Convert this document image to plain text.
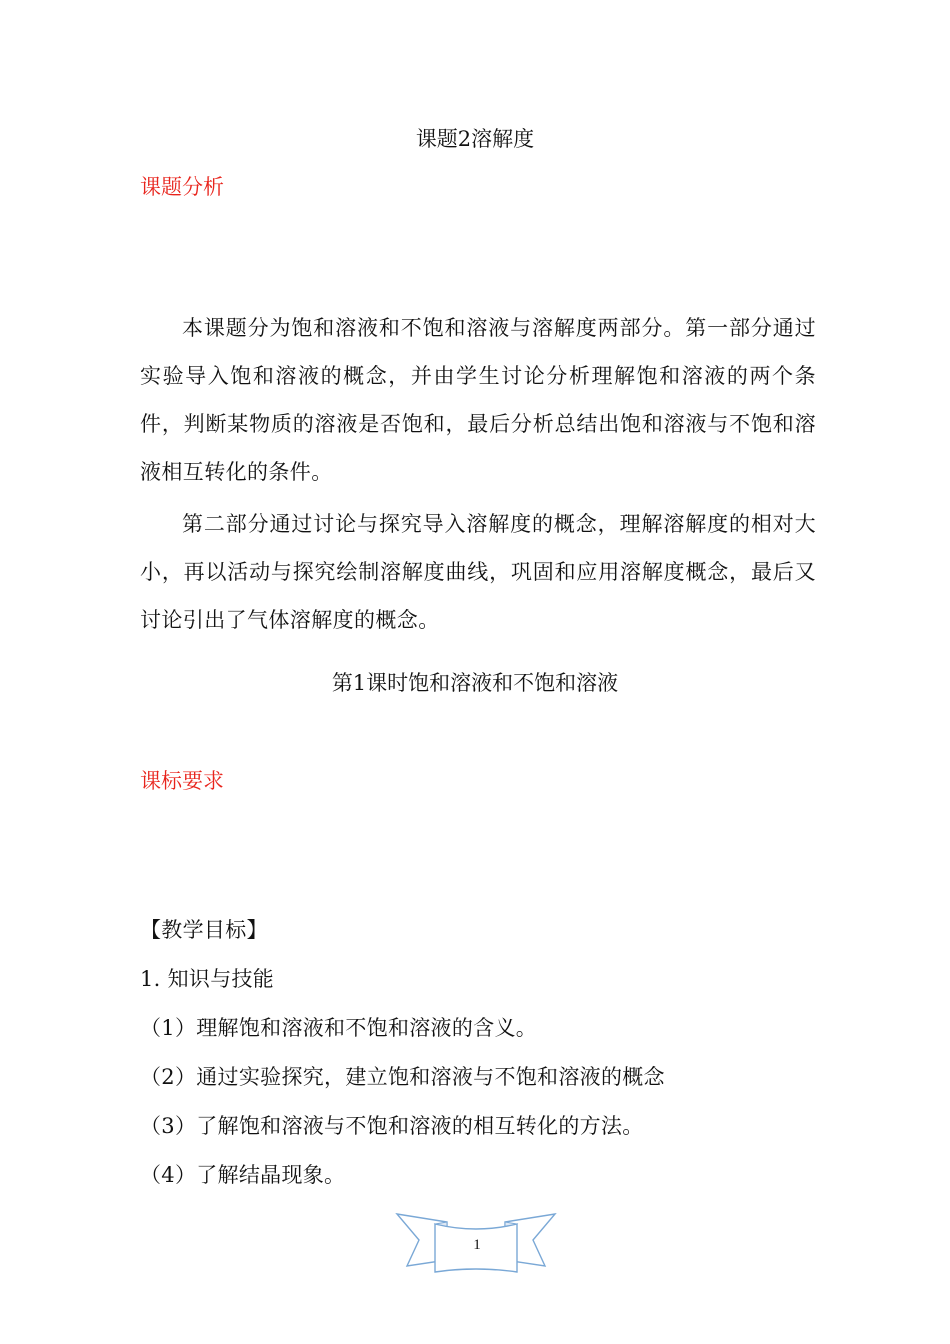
课题2溶解度
课题分析
本课题分为饱和溶液和不饱和溶液与溶解度两部分。第一部分通过实验导入饱和溶液的概念，并由学生讨论分析理解饱和溶液的两个条件，判断某物质的溶液是否饱和，最后分析总结出饱和溶液与不饱和溶液相互转化的条件。
第二部分通过讨论与探究导入溶解度的概念，理解溶解度的相对大小，再以活动与探究绘制溶解度曲线，巩固和应用溶解度概念，最后又讨论引出了气体溶解度的概念。
第1课时饱和溶液和不饱和溶液
课标要求
【教学目标】
1. 知识与技能
（1）理解饱和溶液和不饱和溶液的含义。
（2）通过实验探究，建立饱和溶液与不饱和溶液的概念
（3）了解饱和溶液与不饱和溶液的相互转化的方法。
（4）了解结晶现象。
1
